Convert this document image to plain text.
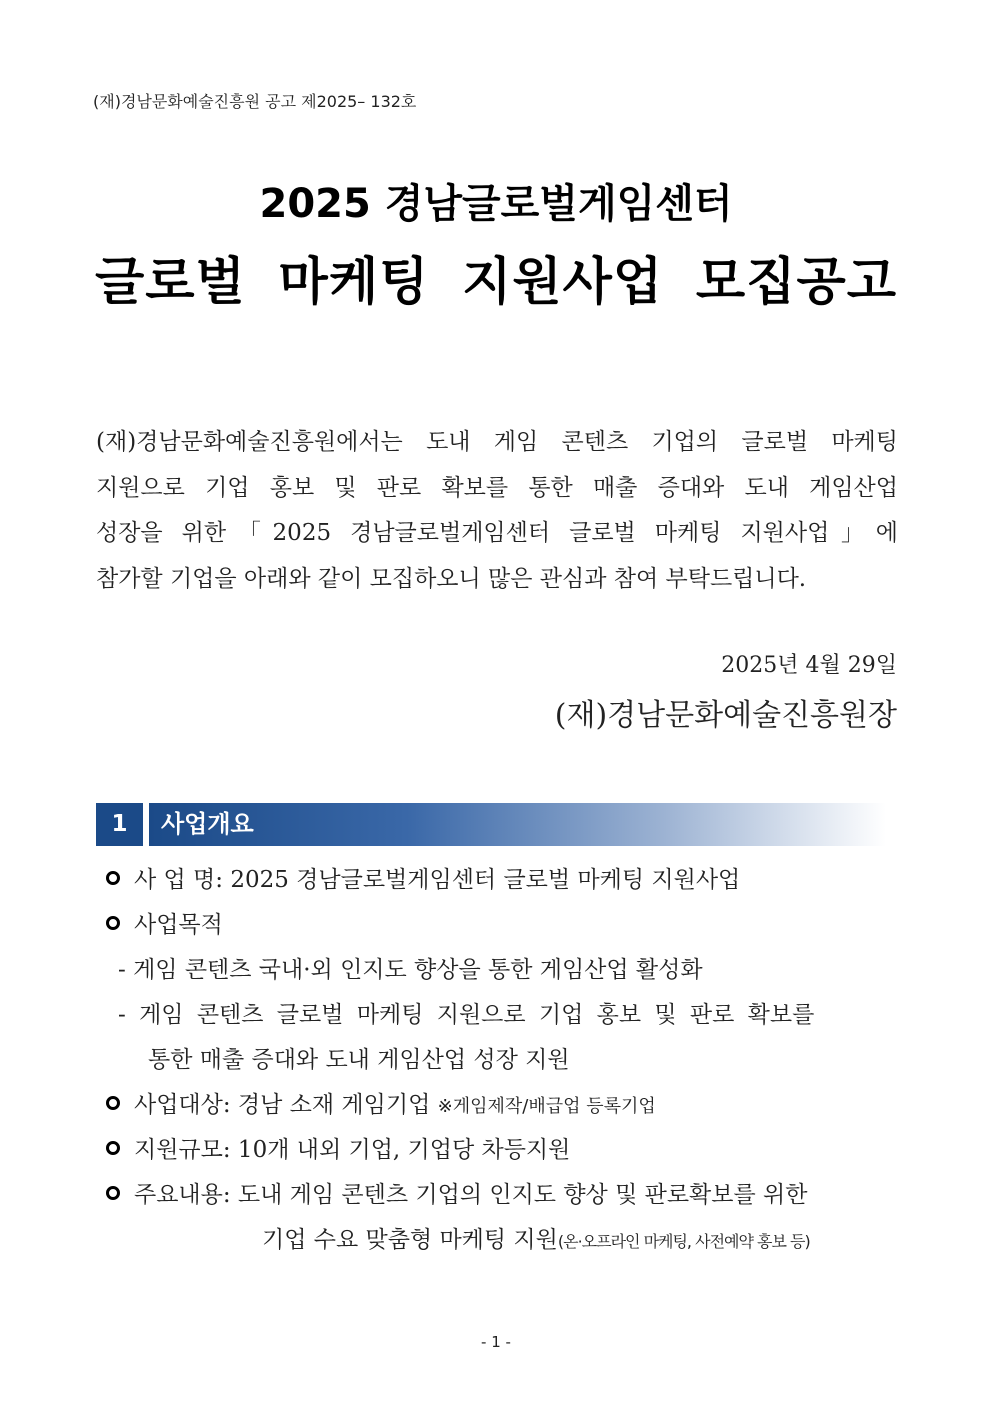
(재)경남문화예술진흥원 공고 제2025– 132호
2025 경남글로벌게임센터
글로벌 마케팅 지원사업 모집공고
(재)경남문화예술진흥원에서는 도내 게임 콘텐츠 기업의 글로벌 마케팅
지원으로 기업 홍보 및 판로 확보를 통한 매출 증대와 도내 게임산업
성장을 위한「2025 경남글로벌게임센터 글로벌 마케팅 지원사업」에
참가할 기업을 아래와 같이 모집하오니 많은 관심과 참여 부탁드립니다.
2025년 4월 29일
(재)경남문화예술진흥원장
1	사업개요
사 업 명: 2025 경남글로벌게임센터 글로벌 마케팅 지원사업
사업목적
- 게임 콘텐츠 국내·외 인지도 향상을 통한 게임산업 활성화
- 게임 콘텐츠 글로벌 마케팅 지원으로 기업 홍보 및 판로 확보를
통한 매출 증대와 도내 게임산업 성장 지원
사업대상: 경남 소재 게임기업 ※게임제작/배급업 등록기업
지원규모: 10개 내외 기업, 기업당 차등지원
주요내용: 도내 게임 콘텐츠 기업의 인지도 향상 및 판로확보를 위한
기업 수요 맞춤형 마케팅 지원(온·오프라인 마케팅, 사전예약 홍보 등)
- 1 -
